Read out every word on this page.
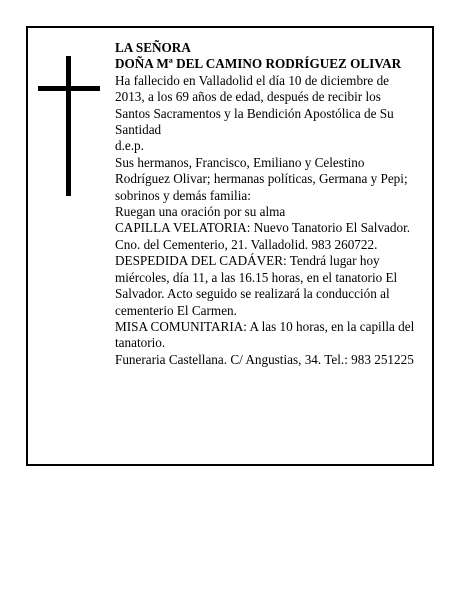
LA SEÑORA

DOÑA Mª DEL CAMINO RODRÍGUEZ OLIVAR

Ha fallecido en Valladolid el día 10 de diciembre de 2013, a los 69 años de edad, después de recibir los Santos Sacramentos y la Bendición Apostólica de Su Santidad

d.e.p.

Sus hermanos, Francisco, Emiliano y Celestino Rodríguez Olivar; hermanas políticas, Germana y Pepi; sobrinos y demás familia:

Ruegan una oración por su alma

CAPILLA VELATORIA: Nuevo Tanatorio El Salvador. Cno. del Cementerio, 21. Valladolid. 983 260722.

DESPEDIDA DEL CADÁVER: Tendrá lugar hoy miércoles, día 11, a las 16.15 horas, en el tanatorio El Salvador. Acto seguido se realizará la conducción al cementerio El Carmen.

MISA COMUNITARIA: A las 10 horas, en la capilla del tanatorio.

Funeraria Castellana. C/ Angustias, 34. Tel.: 983 251225
